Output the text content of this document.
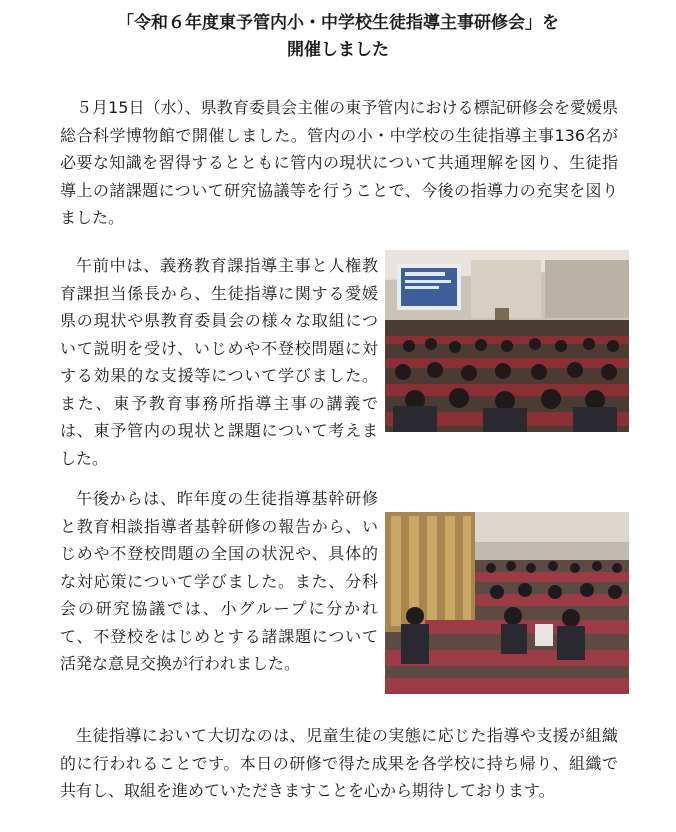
「令和６年度東予管内小・中学校生徒指導主事研修会」を
開催しました

５月15日（水）、県教育委員会主催の東予管内における標記研修会を愛媛県総合科学博物館で開催しました。管内の小・中学校の生徒指導主事136名が必要な知識を習得するとともに管内の現状について共通理解を図り、生徒指導上の諸課題について研究協議等を行うことで、今後の指導力の充実を図りました。

午前中は、義務教育課指導主事と人権教育課担当係長から、生徒指導に関する愛媛県の現状や県教育委員会の様々な取組について説明を受け、いじめや不登校問題に対する効果的な支援等について学びました。また、東予教育事務所指導主事の講義では、東予管内の現状と課題について考えました。

午後からは、昨年度の生徒指導基幹研修と教育相談指導者基幹研修の報告から、いじめや不登校問題の全国の状況や、具体的な対応策について学びました。また、分科会の研究協議では、小グループに分かれて、不登校をはじめとする諸課題について活発な意見交換が行われました。

生徒指導において大切なのは、児童生徒の実態に応じた指導や支援が組織的に行われることです。本日の研修で得た成果を各学校に持ち帰り、組織で共有し、取組を進めていただきますことを心から期待しております。
